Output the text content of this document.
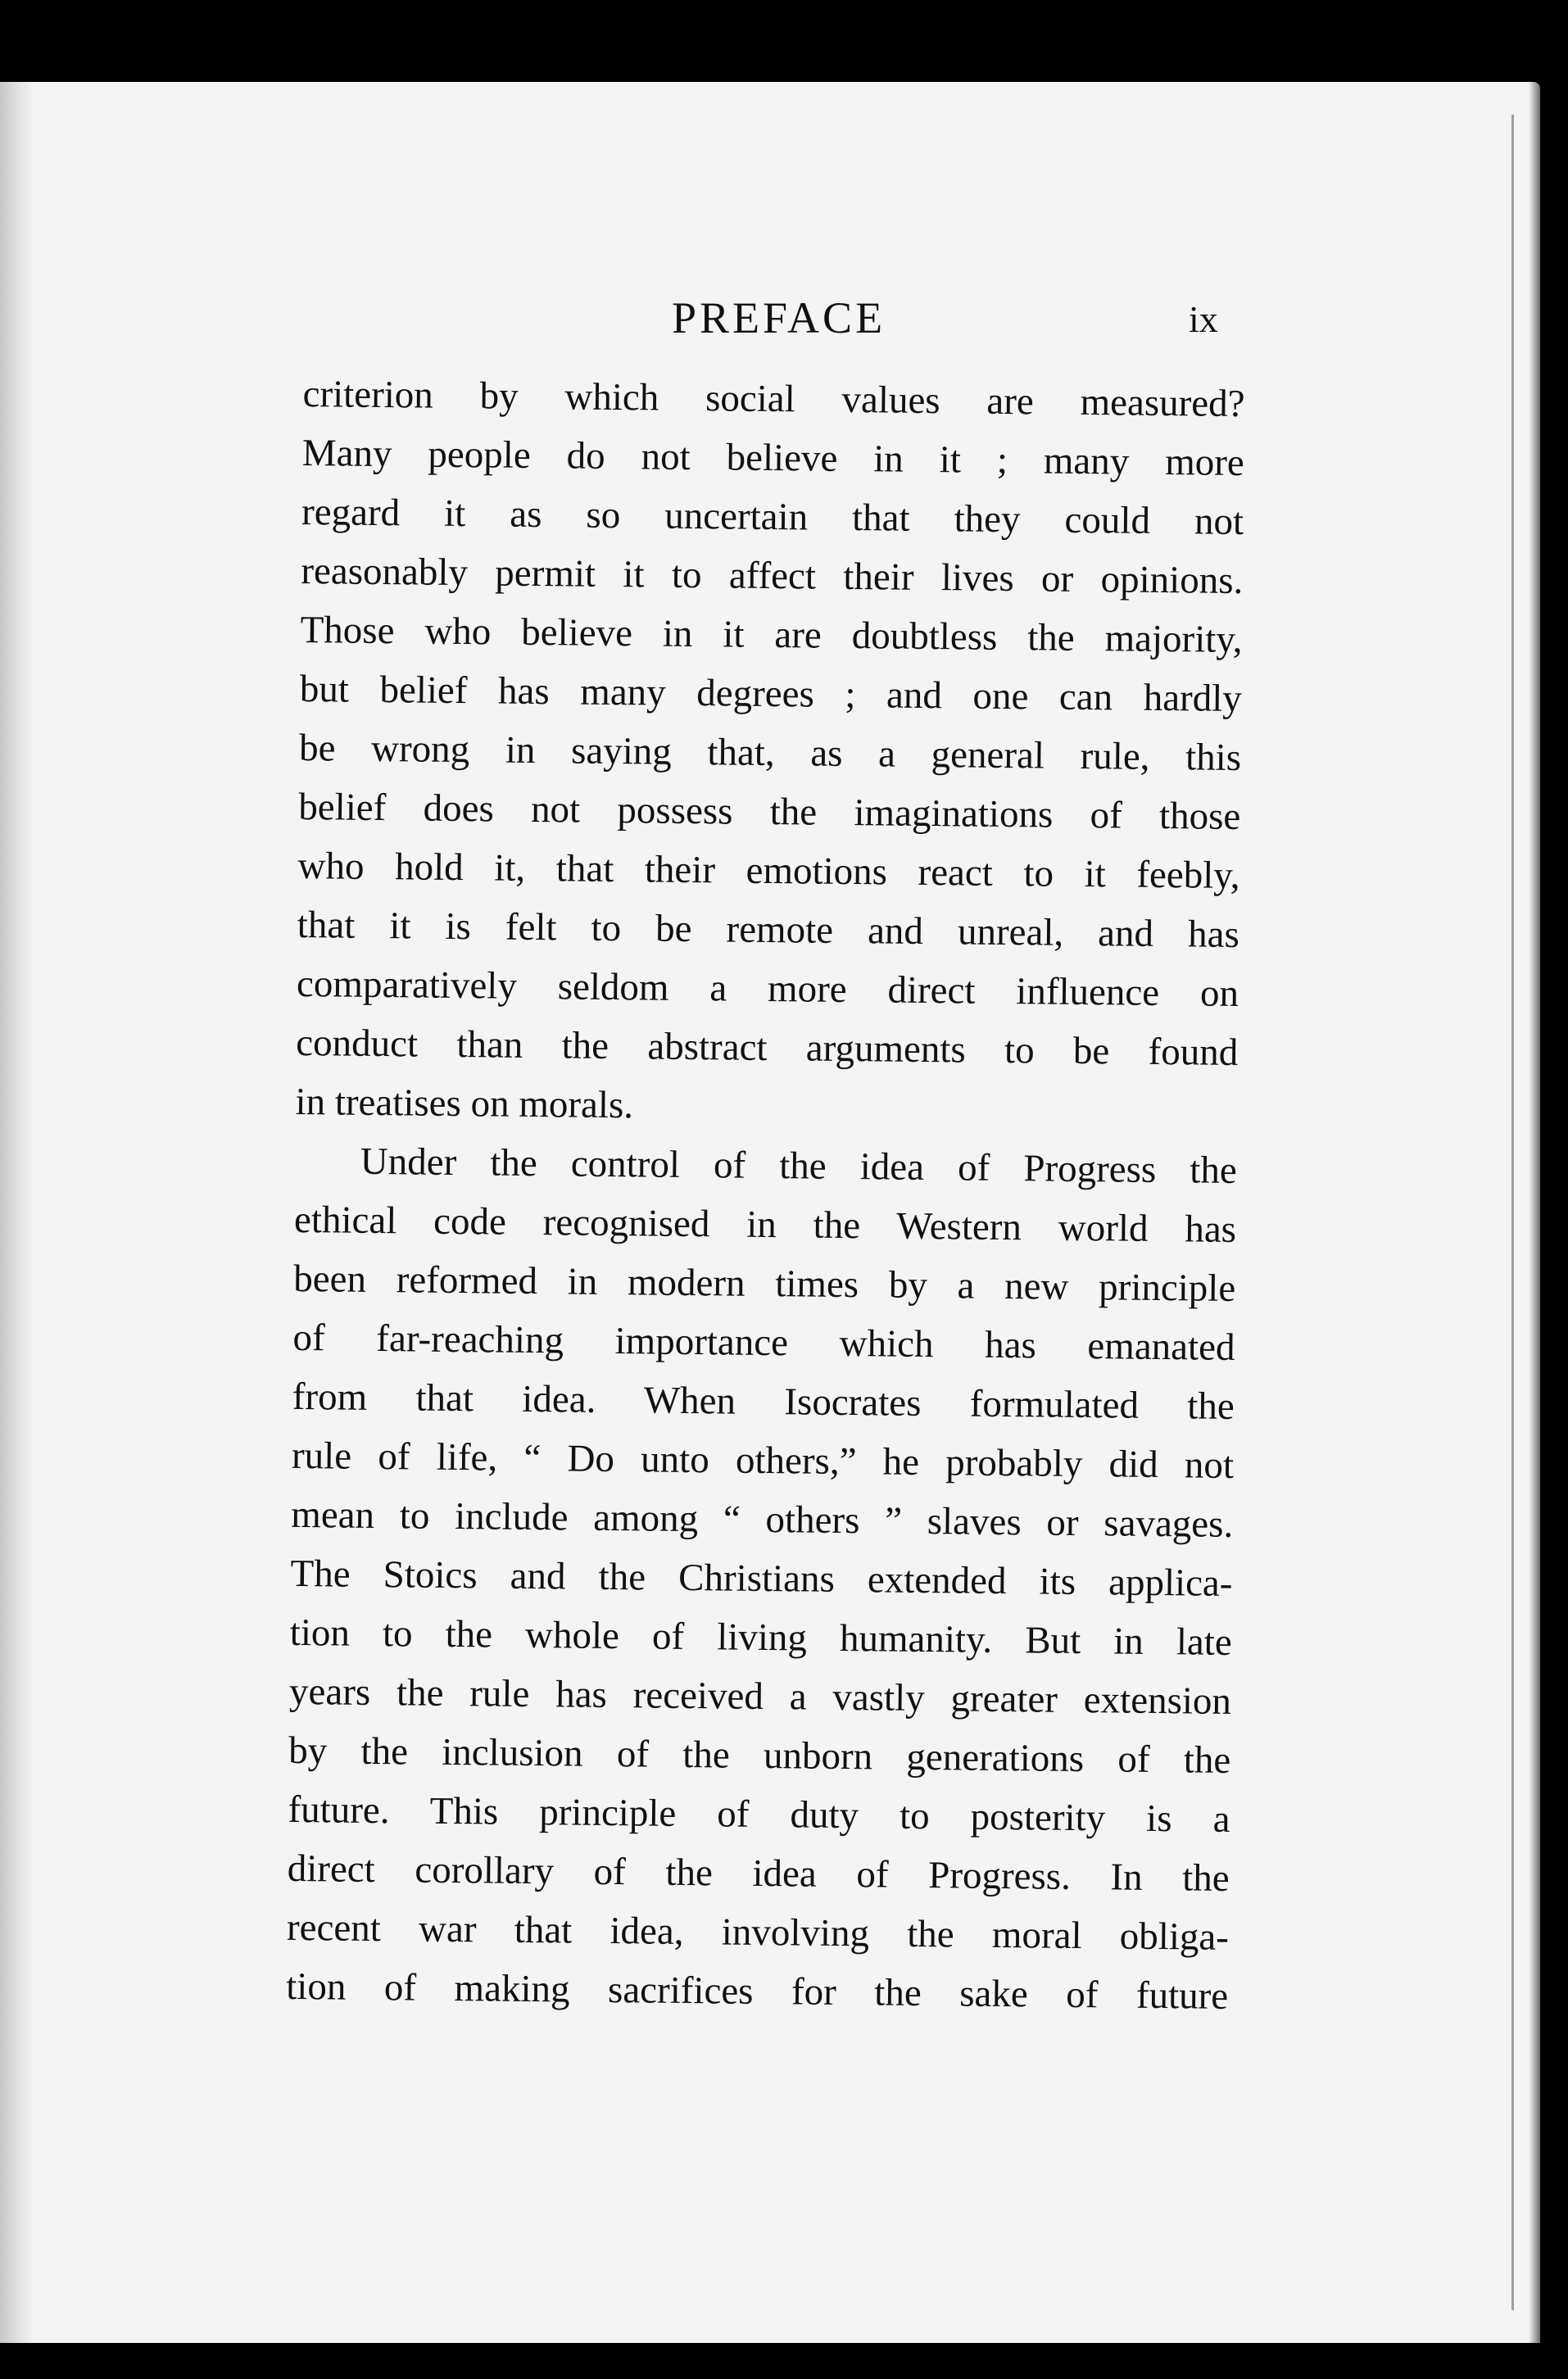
PREFACE	ix
criterion by which social values are measured?
Many people do not believe in it ; many more
regard it as so uncertain that they could not
reasonably permit it to affect their lives or opinions.
Those who believe in it are doubtless the majority,
but belief has many degrees ; and one can hardly
be wrong in saying that, as a general rule, this
belief does not possess the imaginations of those
who hold it, that their emotions react to it feebly,
that it is felt to be remote and unreal, and has
comparatively seldom a more direct influence on
conduct than the abstract arguments to be found
in treatises on morals.
Under the control of the idea of Progress the
ethical code recognised in the Western world has
been reformed in modern times by a new principle
of far-reaching importance which has emanated
from that idea. When Isocrates formulated the
rule of life, “ Do unto others,” he probably did not
mean to include among “ others ” slaves or savages.
The Stoics and the Christians extended its applica-
tion to the whole of living humanity. But in late
years the rule has received a vastly greater extension
by the inclusion of the unborn generations of the
future. This principle of duty to posterity is a
direct corollary of the idea of Progress. In the
recent war that idea, involving the moral obliga-
tion of making sacrifices for the sake of future
